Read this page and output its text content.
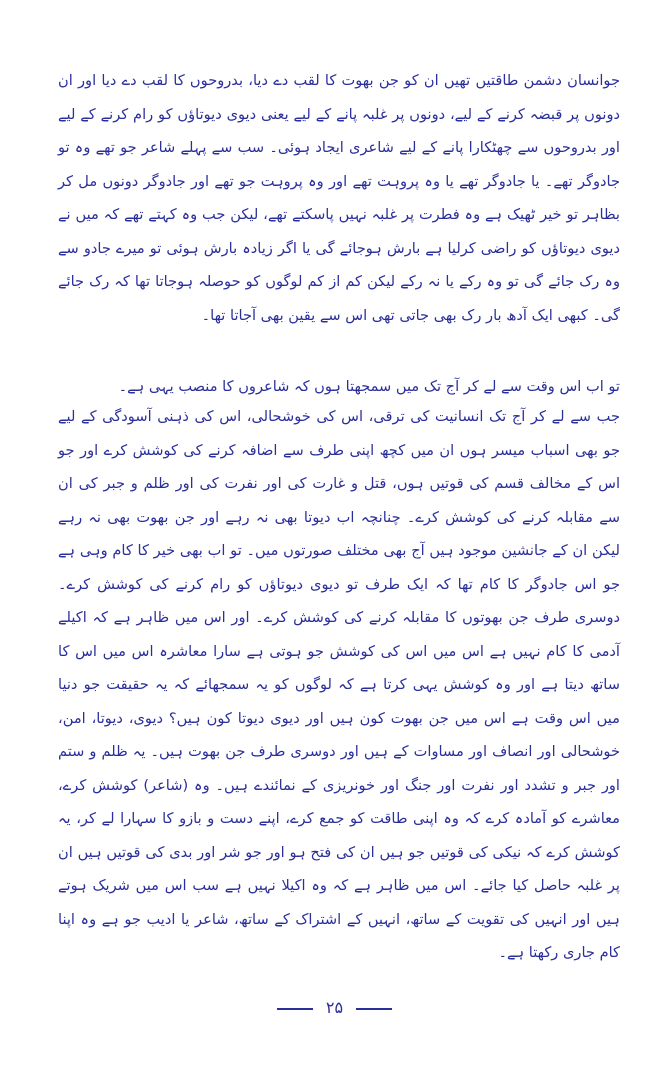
جوانسان دشمن طاقتیں تھیں ان کو جن بھوت کا لقب دے دیا، بدروحوں کا لقب دے دیا اور ان دونوں پر قبضہ کرنے کے لیے، دونوں پر غلبہ پانے کے لیے یعنی دیوی دیوتاؤں کو رام کرنے کے لیے اور بدروحوں سے چھٹکارا پانے کے لیے شاعری ایجاد ہوئی۔ سب سے پہلے شاعر جو تھے وہ تو جادوگر تھے۔ یا جادوگر تھے یا وہ پروہت تھے اور وہ پروہت جو تھے اور جادوگر دونوں مل کر بظاہر تو خیر ٹھیک ہے وہ فطرت پر غلبہ نہیں پاسکتے تھے، لیکن جب وہ کہتے تھے کہ میں نے دیوی دیوتاؤں کو راضی کرلیا ہے بارش ہوجائے گی یا اگر زیادہ بارش ہوئی تو میرے جادو سے وہ رک جائے گی تو وہ رکے یا نہ رکے لیکن کم از کم لوگوں کو حوصلہ ہوجاتا تھا کہ رک جائے گی۔ کبھی ایک آدھ بار رک بھی جاتی تھی اس سے یقین بھی آجاتا تھا۔

تو اب اس وقت سے لے کر آج تک میں سمجھتا ہوں کہ شاعروں کا منصب یہی ہے۔

جب سے لے کر آج تک انسانیت کی ترقی، اس کی خوشحالی، اس کی ذہنی آسودگی کے لیے جو بھی اسباب میسر ہوں ان میں کچھ اپنی طرف سے اضافہ کرنے کی کوشش کرے اور جو اس کے مخالف قسم کی قوتیں ہوں، قتل و غارت کی اور نفرت کی اور ظلم و جبر کی ان سے مقابلہ کرنے کی کوشش کرے۔ چنانچہ اب دیوتا بھی نہ رہے اور جن بھوت بھی نہ رہے لیکن ان کے جانشین موجود ہیں آج بھی مختلف صورتوں میں۔ تو اب بھی خیر کا کام وہی ہے جو اس جادوگر کا کام تھا کہ ایک طرف تو دیوی دیوتاؤں کو رام کرنے کی کوشش کرے۔ دوسری طرف جن بھوتوں کا مقابلہ کرنے کی کوشش کرے۔ اور اس میں ظاہر ہے کہ اکیلے آدمی کا کام نہیں ہے اس میں اس کی کوشش جو ہوتی ہے سارا معاشرہ اس میں اس کا ساتھ دیتا ہے اور وہ کوشش یہی کرتا ہے کہ لوگوں کو یہ سمجھائے کہ یہ حقیقت جو دنیا میں اس وقت ہے اس میں جن بھوت کون ہیں اور دیوی دیوتا کون ہیں؟ دیوی، دیوتا، امن، خوشحالی اور انصاف اور مساوات کے ہیں اور دوسری طرف جن بھوت ہیں۔ یہ ظلم و ستم اور جبر و تشدد اور نفرت اور جنگ اور خونریزی کے نمائندے ہیں۔ وہ (شاعر) کوشش کرے، معاشرے کو آمادہ کرے کہ وہ اپنی طاقت کو جمع کرے، اپنے دست و بازو کا سہارا لے کر، یہ کوشش کرے کہ نیکی کی قوتیں جو ہیں ان کی فتح ہو اور جو شر اور بدی کی قوتیں ہیں ان پر غلبہ حاصل کیا جائے۔ اس میں ظاہر ہے کہ وہ اکیلا نہیں ہے سب اس میں شریک ہوتے ہیں اور انہیں کی تقویت کے ساتھ، انہیں کے اشتراک کے ساتھ، شاعر یا ادیب جو ہے وہ اپنا کام جاری رکھتا ہے۔

۲۵
